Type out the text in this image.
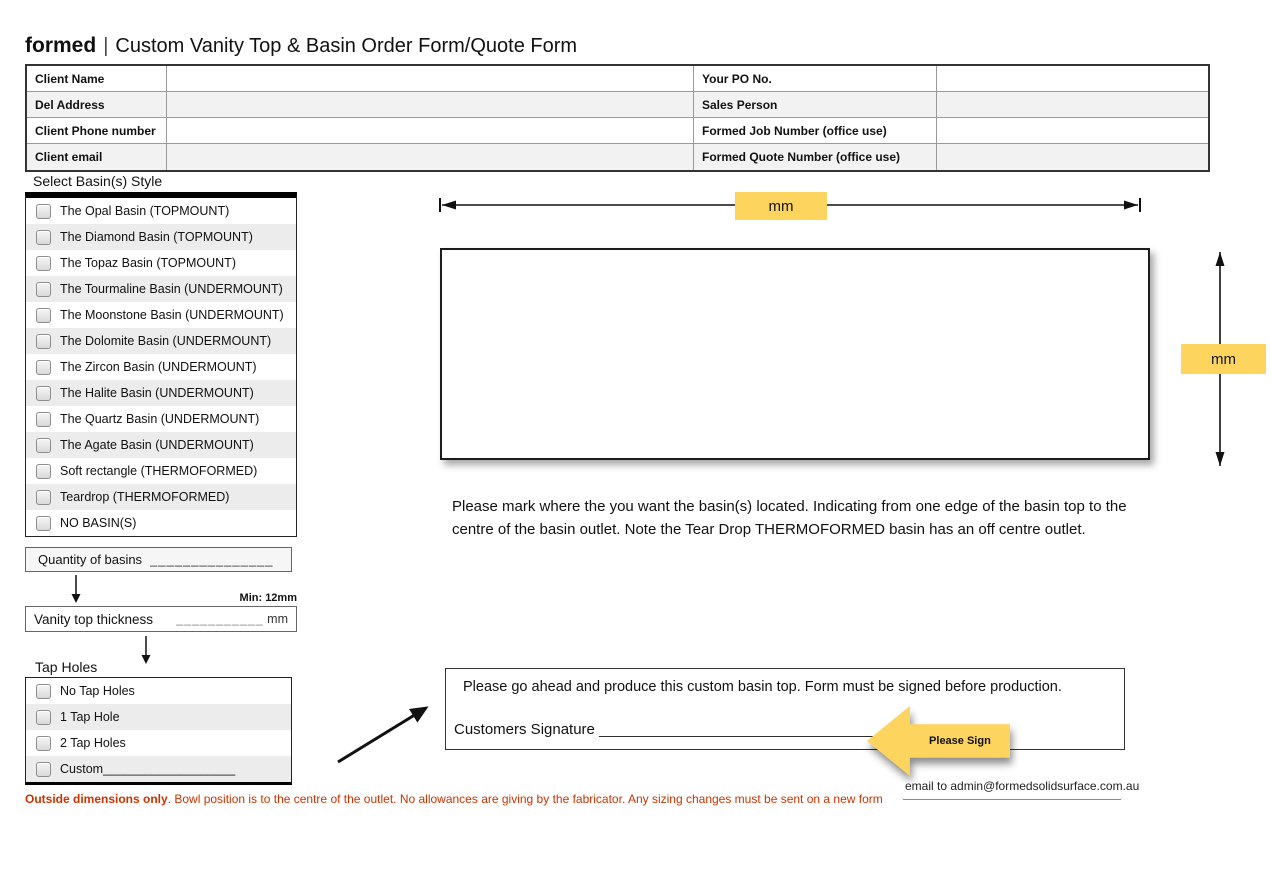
formed | Custom Vanity Top & Basin Order Form/Quote Form
Client Name	Your PO No.
Del Address	Sales Person
Client Phone number	Formed Job Number (office use)
Client email	Formed Quote Number (office use)
Select Basin(s) Style
The Opal Basin (TOPMOUNT)
The Diamond Basin (TOPMOUNT)
The Topaz Basin (TOPMOUNT)
The Tourmaline Basin (UNDERMOUNT)
The Moonstone Basin (UNDERMOUNT)
The Dolomite Basin (UNDERMOUNT)
The Zircon Basin (UNDERMOUNT)
The Halite Basin (UNDERMOUNT)
The Quartz Basin (UNDERMOUNT)
The Agate Basin (UNDERMOUNT)
Soft rectangle (THERMOFORMED)
Teardrop (THERMOFORMED)
NO BASIN(S)
Quantity of basins _______________
Min: 12mm
Vanity top thickness ___________ mm
Tap Holes
No Tap Holes
1 Tap Hole
2 Tap Holes
Custom___________________
mm
mm
Please mark where the you want the basin(s) located. Indicating from one edge of the basin top to the centre of the basin outlet. Note the Tear Drop THERMOFORMED basin has an off centre outlet.
Please go ahead and produce this custom basin top. Form must be signed before production.
Customers Signature _________________________________
Please Sign
Outside dimensions only. Bowl position is to the centre of the outlet. No allowances are giving by the fabricator. Any sizing changes must be sent on a new form
email to admin@formedsolidsurface.com.au
